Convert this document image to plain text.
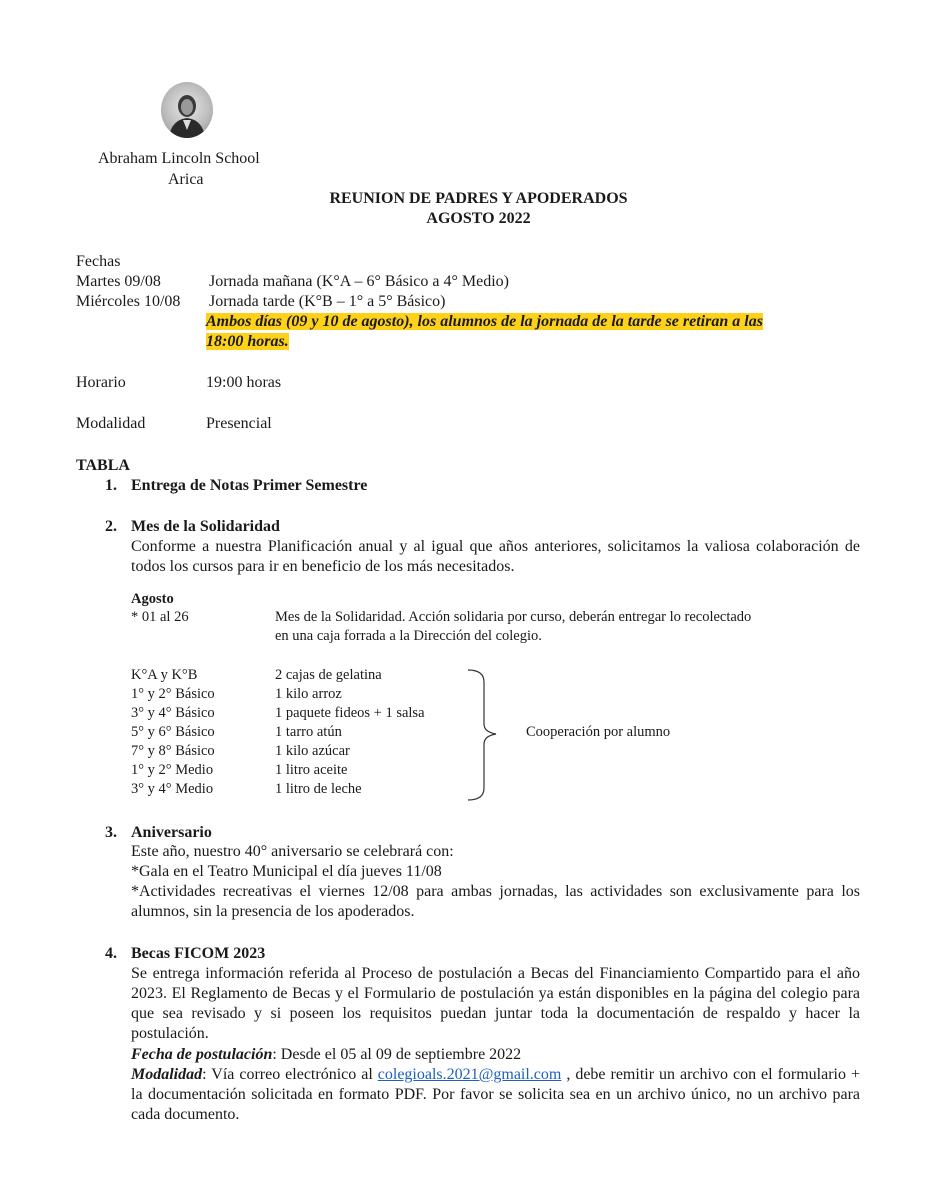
Abraham Lincoln School
Arica
REUNION DE PADRES Y APODERADOS
AGOSTO 2022
Fechas
Martes 09/08	Jornada mañana (K°A – 6° Básico a 4° Medio)
Miércoles 10/08 Jornada tarde (K°B – 1° a 5° Básico)
Ambos días (09 y 10 de agosto), los alumnos de la jornada de la tarde se retiran a las
18:00 horas.
Horario	19:00 horas
Modalidad	Presencial
TABLA
1. Entrega de Notas Primer Semestre
2. Mes de la Solidaridad
Conforme a nuestra Planificación anual y al igual que años anteriores, solicitamos la valiosa colaboración de todos los cursos para ir en beneficio de los más necesitados.
Agosto
* 01 al 26	Mes de la Solidaridad. Acción solidaria por curso, deberán entregar lo recolectado
en una caja forrada a la Dirección del colegio.
K°A y K°B	2 cajas de gelatina
1° y 2° Básico	1 kilo arroz
3° y 4° Básico	1 paquete fideos + 1 salsa
5° y 6° Básico	1 tarro atún
7° y 8° Básico	1 kilo azúcar
1° y 2° Medio	1 litro aceite
3° y 4° Medio	1 litro de leche
Cooperación por alumno
3. Aniversario
Este año, nuestro 40° aniversario se celebrará con:
*Gala en el Teatro Municipal el día jueves 11/08
*Actividades recreativas el viernes 12/08 para ambas jornadas, las actividades son exclusivamente para los alumnos, sin la presencia de los apoderados.
4. Becas FICOM 2023
Se entrega información referida al Proceso de postulación a Becas del Financiamiento Compartido para el año 2023. El Reglamento de Becas y el Formulario de postulación ya están disponibles en la página del colegio para que sea revisado y si poseen los requisitos puedan juntar toda la documentación de respaldo y hacer la postulación.
Fecha de postulación: Desde el 05 al 09 de septiembre 2022
Modalidad: Vía correo electrónico al colegioals.2021@gmail.com , debe remitir un archivo con el formulario + la documentación solicitada en formato PDF. Por favor se solicita sea en un archivo único, no un archivo para cada documento.
